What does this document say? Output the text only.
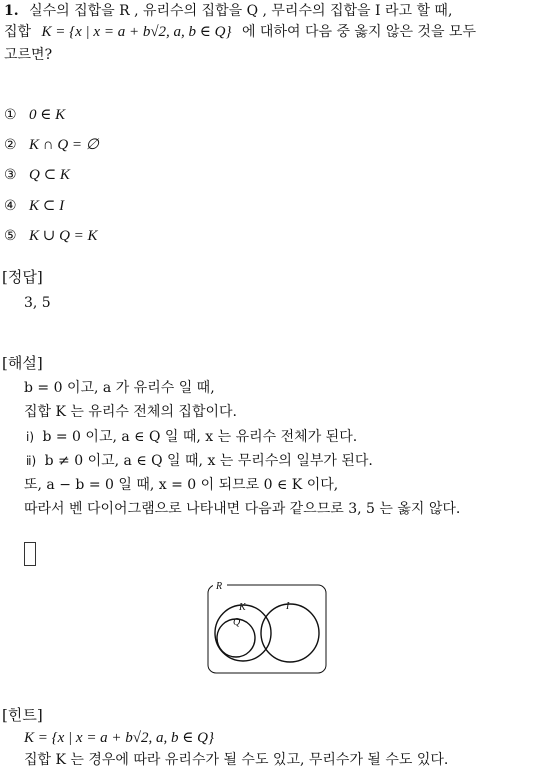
1. 실수의 집합을 R , 유리수의 집합을 Q , 무리수의 집합을 I 라고 할 때,
집합 K = {x | x = a + b√2, a, b ∈ Q} 에 대하여 다음 중 옳지 않은 것을 모두
고르면?
① 0 ∈ K
② K ∩ Q = ∅
③ Q ⊂ K
④ K ⊂ I
⑤ K ∪ Q = K
[정답]
3, 5
[해설]
b = 0 이고, a 가 유리수 일 때,
집합 K 는 유리수 전체의 집합이다.
ⅰ) b = 0 이고, a ∈ Q 일 때, x 는 유리수 전체가 된다.
ⅱ) b ≠ 0 이고, a ∈ Q 일 때, x 는 무리수의 일부가 된다.
또, a − b = 0 일 때, x = 0 이 되므로 0 ∈ K 이다,
따라서 벤 다이어그램으로 나타내면 다음과 같으므로 3, 5 는 옳지 않다.
R
K
Q
I
[힌트]
K = {x | x = a + b√2, a, b ∈ Q}
집합 K 는 경우에 따라 유리수가 될 수도 있고, 무리수가 될 수도 있다.
